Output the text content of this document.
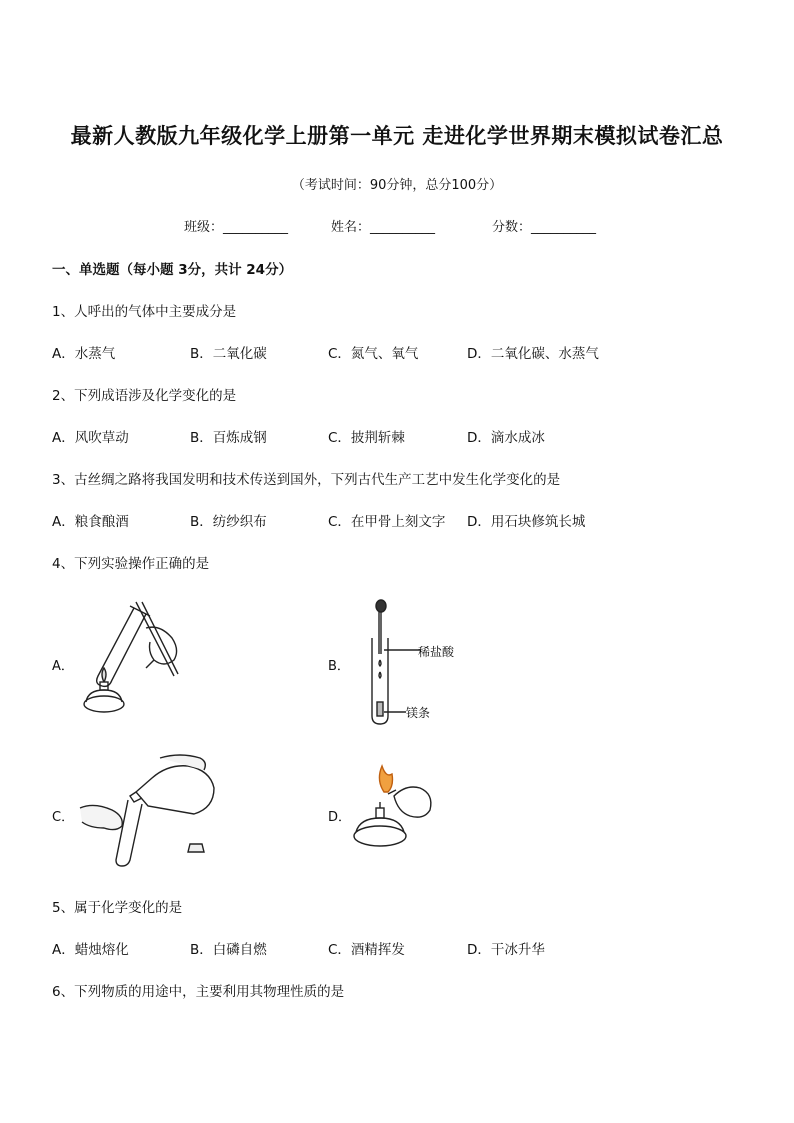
最新人教版九年级化学上册第一单元 走进化学世界期末模拟试卷汇总
（考试时间：90分钟，总分100分）
班级：__________	姓名：__________	分数：__________
一、单选题（每小题 3分，共计 24分）
1、人呼出的气体中主要成分是
A．水蒸气	B．二氧化碳	C．氮气、氧气	D．二氧化碳、水蒸气
2、下列成语涉及化学变化的是
A．风吹草动	B．百炼成钢	C．披荆斩棘	D．滴水成冰
3、古丝绸之路将我国发明和技术传送到国外，下列古代生产工艺中发生化学变化的是
A．粮食酿酒	B．纺纱织布	C．在甲骨上刻文字 D．用石块修筑长城
4、下列实验操作正确的是
A．	B．
稀盐酸
镁条
C．	D．
5、属于化学变化的是
A．蜡烛熔化	B．白磷自燃	C．酒精挥发	D．干冰升华
6、下列物质的用途中，主要利用其物理性质的是
